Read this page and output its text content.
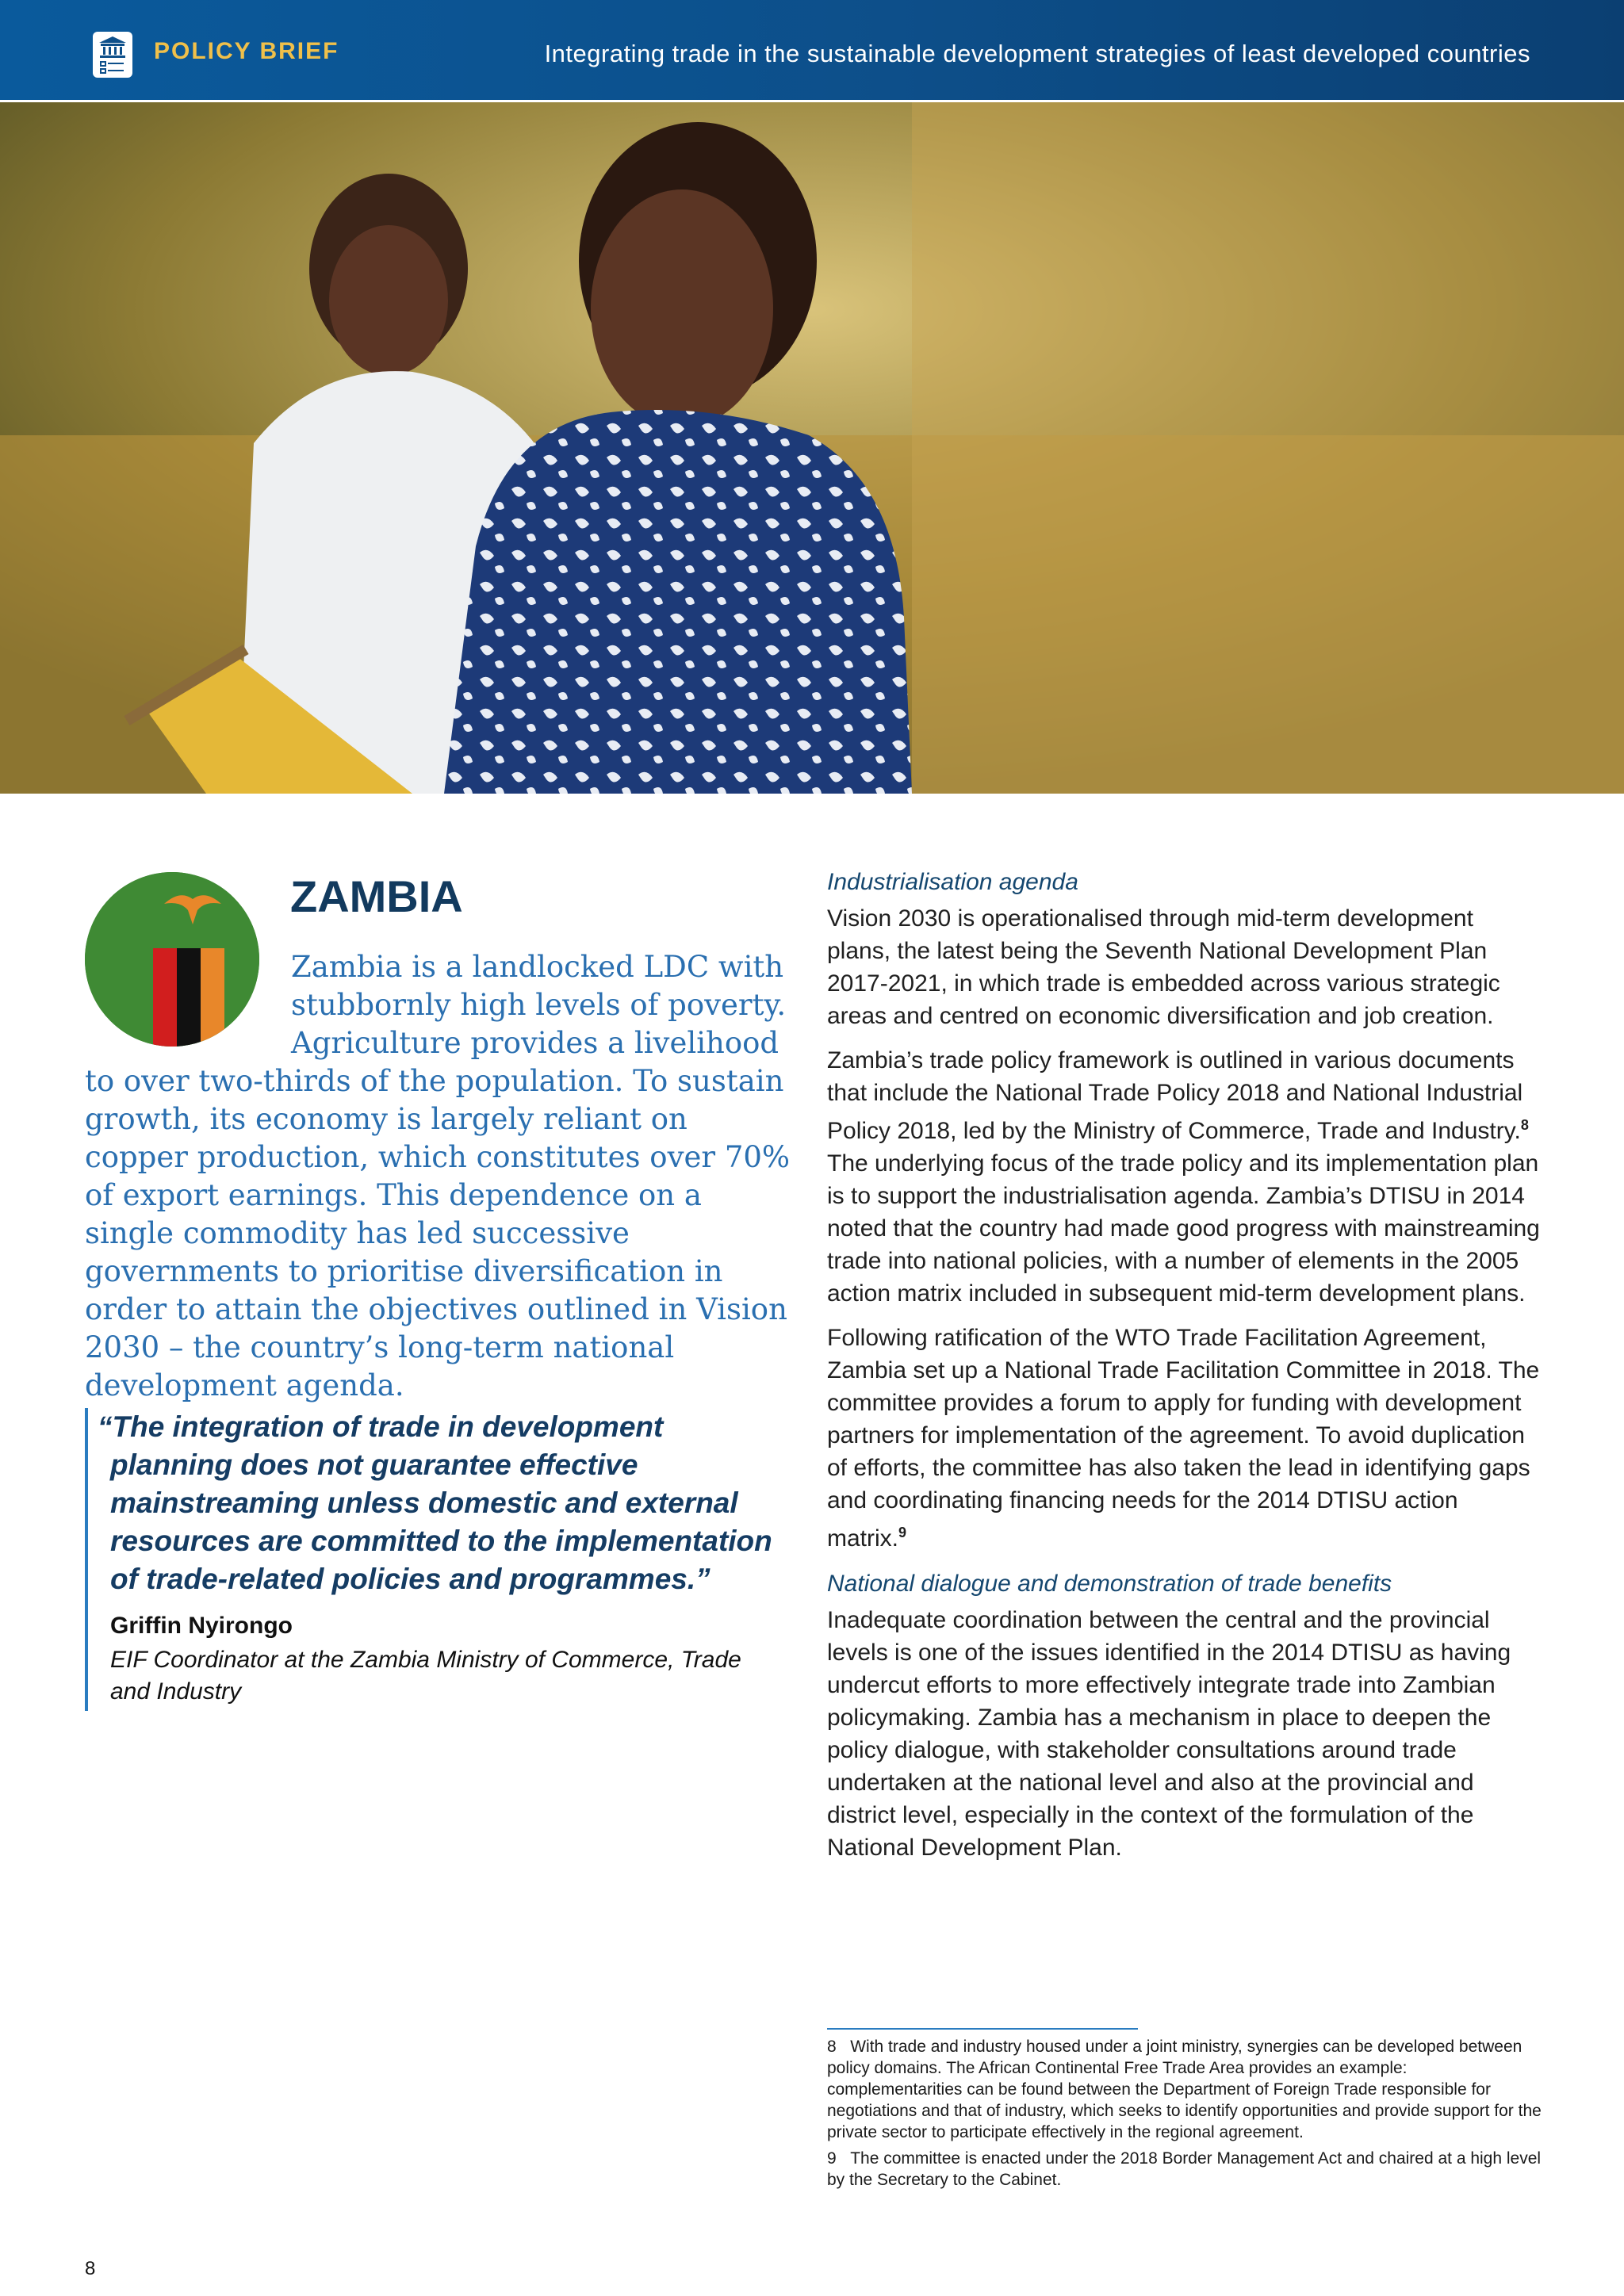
POLICY BRIEF	Integrating trade in the sustainable development strategies of least developed countries
ZAMBIA

Zambia is a landlocked LDC with stubbornly high levels of poverty. Agriculture provides a livelihood to over two-thirds of the population. To sustain growth, its economy is largely reliant on copper production, which constitutes over 70% of export earnings. This dependence on a single commodity has led successive governments to prioritise diversification in order to attain the objectives outlined in Vision 2030 – the country’s long-term national development agenda.

“The integration of trade in development planning does not guarantee effective mainstreaming unless domestic and external resources are committed to the implementation of trade-related policies and programmes.”

Griffin Nyirongo

EIF Coordinator at the Zambia Ministry of Commerce, Trade and Industry

Industrialisation agenda

Vision 2030 is operationalised through mid-term development plans, the latest being the Seventh National Development Plan 2017-2021, in which trade is embedded across various strategic areas and centred on economic diversification and job creation.

Zambia’s trade policy framework is outlined in various documents that include the National Trade Policy 2018 and National Industrial Policy 2018, led by the Ministry of Commerce, Trade and Industry.$^8$ The underlying focus of the trade policy and its implementation plan is to support the industrialisation agenda. Zambia’s DTISU in 2014 noted that the country had made good progress with mainstreaming trade into national policies, with a number of elements in the 2005 action matrix included in subsequent mid-term development plans.

Following ratification of the WTO Trade Facilitation Agreement, Zambia set up a National Trade Facilitation Committee in 2018. The committee provides a forum to apply for funding with development partners for implementation of the agreement. To avoid duplication of efforts, the committee has also taken the lead in identifying gaps and coordinating financing needs for the 2014 DTISU action matrix.$^9$

National dialogue and demonstration of trade benefits

Inadequate coordination between the central and the provincial levels is one of the issues identified in the 2014 DTISU as having undercut efforts to more effectively integrate trade into Zambian policymaking. Zambia has a mechanism in place to deepen the policy dialogue, with stakeholder consultations around trade undertaken at the national level and also at the provincial and district level, especially in the context of the formulation of the National Development Plan.

8 With trade and industry housed under a joint ministry, synergies can be developed between policy domains. The African Continental Free Trade Area provides an example: complementarities can be found between the Department of Foreign Trade responsible for negotiations and that of industry, which seeks to identify opportunities and provide support for the private sector to participate effectively in the regional agreement.

9 The committee is enacted under the 2018 Border Management Act and chaired at a high level by the Secretary to the Cabinet.

8
